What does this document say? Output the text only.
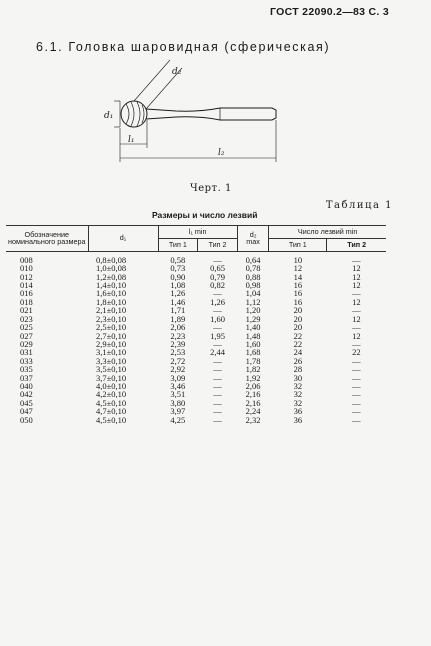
ГОСТ 22090.2—83 С. 3
6.1. Головка шаровидная (сферическая)
d₁
d₂
l₁
l₂
Черт. 1
Таблица 1
Размеры и число лезвий
Обозначение номинального размера	d₁	l₁ min		d₂
max	Число лезвий min	
		Тип 1	Тип 2		Тип 1	Тип 2
008	0,8±0,08	0,58	—	0,64	10	—
010	1,0±0,08	0,73	0,65	0,78	12	12
012	1,2±0,08	0,90	0,79	0,88	14	12
014	1,4±0,10	1,08	0,82	0,98	16	12
016	1,6±0,10	1,26	—	1,04	16	—
018	1,8±0,10	1,46	1,26	1,12	16	12
021	2,1±0,10	1,71	—	1,20	20	—
023	2,3±0,10	1,89	1,60	1,29	20	12
025	2,5±0,10	2,06	—	1,40	20	—
027	2,7±0,10	2,23	1,95	1,48	22	12
029	2,9±0,10	2,39	—	1,60	22	—
031	3,1±0,10	2,53	2,44	1,68	24	22
033	3,3±0,10	2,72	—	1,78	26	—
035	3,5±0,10	2,92	—	1,82	28	—
037	3,7±0,10	3,09	—	1,92	30	—
040	4,0±0,10	3,46	—	2,06	32	—
042	4,2±0,10	3,51	—	2,16	32	—
045	4,5±0,10	3,80	—	2,16	32	—
047	4,7±0,10	3,97	—	2,24	36	—
050	4,5±0,10	4,25	—	2,32	36	—
